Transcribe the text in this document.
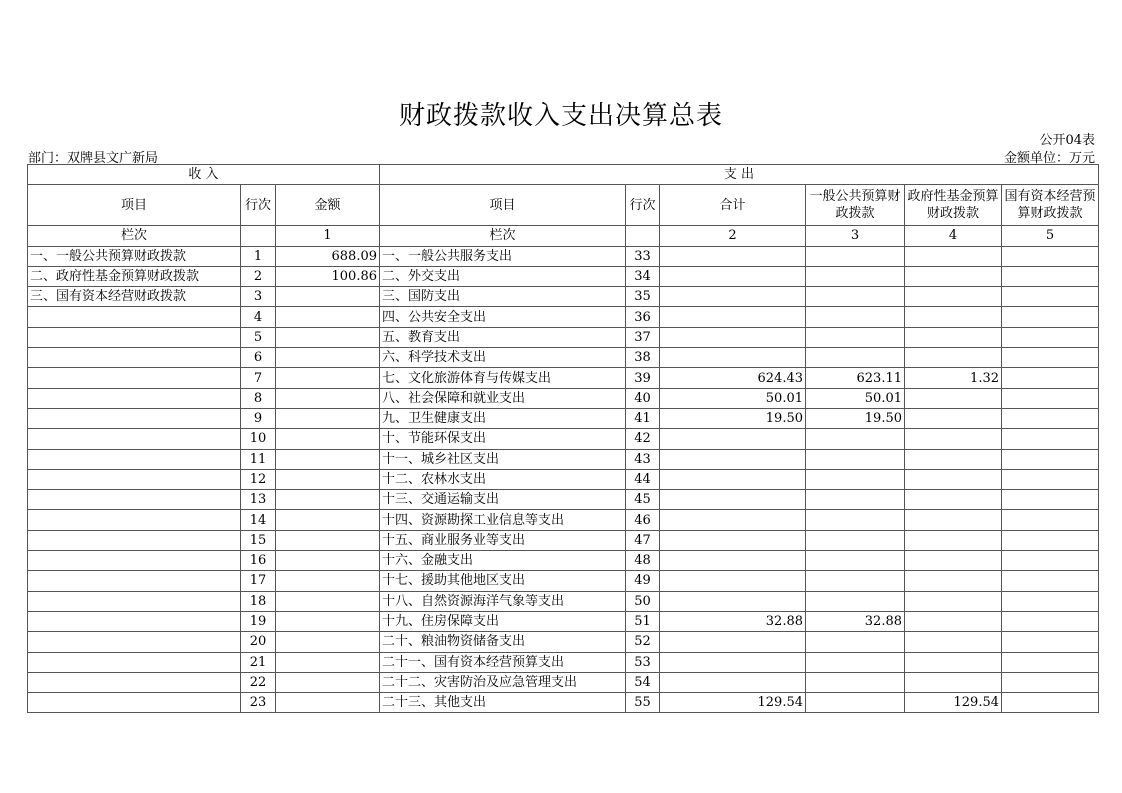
财政拨款收入支出决算总表
公开04表
部门：双牌县文广新局	金额单位：万元
收 入			支 出					
项目	行次	金额	项目	行次	合计	一般公共预算财政拨款	政府性基金预算财政拨款	国有资本经营预算财政拨款
栏次		1	栏次		2	3	4	5
一、一般公共预算财政拨款	1	688.09	一、一般公共服务支出	33				
二、政府性基金预算财政拨款	2	100.86	二、外交支出	34				
三、国有资本经营财政拨款	3		三、国防支出	35				
	4		四、公共安全支出	36				
	5		五、教育支出	37				
	6		六、科学技术支出	38				
	7		七、文化旅游体育与传媒支出	39	624.43	623.11	1.32	
	8		八、社会保障和就业支出	40	50.01	50.01		
	9		九、卫生健康支出	41	19.50	19.50		
	10		十、节能环保支出	42				
	11		十一、城乡社区支出	43				
	12		十二、农林水支出	44				
	13		十三、交通运输支出	45				
	14		十四、资源勘探工业信息等支出	46				
	15		十五、商业服务业等支出	47				
	16		十六、金融支出	48				
	17		十七、援助其他地区支出	49				
	18		十八、自然资源海洋气象等支出	50				
	19		十九、住房保障支出	51	32.88	32.88		
	20		二十、粮油物资储备支出	52				
	21		二十一、国有资本经营预算支出	53				
	22		二十二、灾害防治及应急管理支出	54				
	23		二十三、其他支出	55	129.54		129.54	
